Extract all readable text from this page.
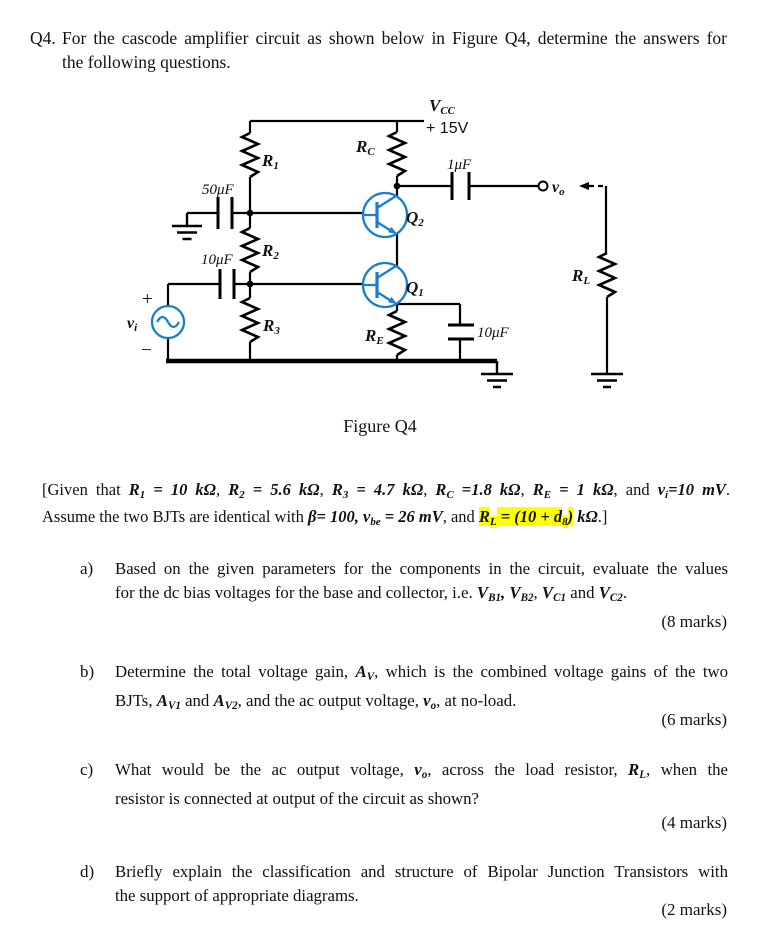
Q4. For the cascode amplifier circuit as shown below in Figure Q4, determine the answers for
the following questions.
VCC
+ 15V
R1
R2
R3
RC
RE
RL
Q2
Q1
50μF
10μF
1μF
10μF
vo
vi
+
−
Figure Q4
[Given that R1 = 10 kΩ, R2 = 5.6 kΩ, R3 = 4.7 kΩ, RC =1.8 kΩ, RE = 1 kΩ, and vi=10 mV.
Assume the two BJTs are identical with β= 100, vbe = 26 mV, and RL = (10 + d8) kΩ.]
a) Based on the given parameters for the components in the circuit, evaluate the values
for the dc bias voltages for the base and collector, i.e. VB1, VB2, VC1 and VC2.
(8 marks)
b) Determine the total voltage gain, AV, which is the combined voltage gains of the two
BJTs, AV1 and AV2, and the ac output voltage, vo, at no-load.
(6 marks)
c) What would be the ac output voltage, vo, across the load resistor, RL, when the
resistor is connected at output of the circuit as shown?
(4 marks)
d) Briefly explain the classification and structure of Bipolar Junction Transistors with
the support of appropriate diagrams.
(2 marks)
